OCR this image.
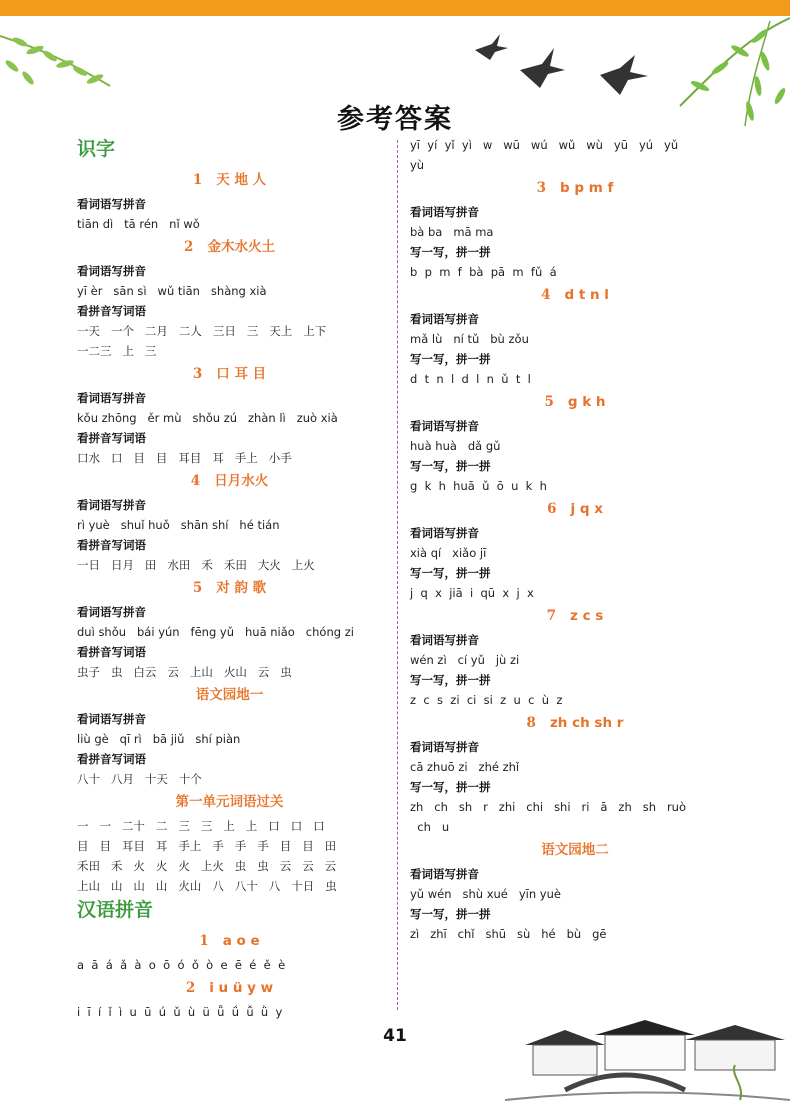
参考答案
识字
1 天 地 人
看词语写拼音
tiān dì   tā rén   nǐ wǒ
2 金木水火土
看词语写拼音
yī èr   sān sì   wǔ tiān   shàng xià
看拼音写词语
一天   一个   二月   二人   三日   三   天上   上下
一二三   上   三
3 口 耳 目
看词语写拼音
kǒu zhōng   ěr mù   shǒu zú   zhàn lì   zuò xià
看拼音写词语
口水   口   目   目   耳目   耳   手上   小手
4 日月水火
看词语写拼音
rì yuè   shuǐ huǒ   shān shí   hé tián
看拼音写词语
一日   日月   田   水田   禾   禾田   大火   上火
5 对 韵 歌
看词语写拼音
duì shǒu   bái yún   fēng yǔ   huā niǎo   chóng zi
看拼音写词语
虫子   虫   白云   云   上山   火山   云   虫
语文园地一
看词语写拼音
liù gè   qī rì   bā jiǔ   shí piàn
看拼音写词语
八十   八月   十天   十个
第一单元词语过关
一   一   二十   二   三   三   上   上   口   口   口
目   目   耳目   耳   手上   手   手   手   目   目   田
禾田   禾   火   火   火   上火   虫   虫   云   云   云
上山   山   山   山   火山   八   八十   八   十日   虫
汉语拼音
1 a o e
a  ā  á  ǎ  à  o  ō  ó  ǒ  ò  e  ē  é  ě  è
2 i u ü y w
i  ī  í  ǐ  ì  u  ū  ú  ǔ  ù  ü  ǖ  ǘ  ǚ  ǜ  y
yī  yí  yǐ  yì   w   wū   wú   wǔ   wù   yū   yú   yǔ
yù
3 b p m f
看词语写拼音
bà ba   mā ma
写一写，拼一拼
b  p  m  f  bà  pā  m  fǔ  á
4 d t n l
看词语写拼音
mǎ lù   ní tǔ   bù zǒu
写一写，拼一拼
d  t  n  l  d  l  n  ǔ  t  l
5 g k h
看词语写拼音
huà huà   dǎ gǔ
写一写，拼一拼
g  k  h  huā  ǔ  ō  u  k  h
6 j q x
看词语写拼音
xià qí   xiǎo jī
写一写，拼一拼
j  q  x  jiā  i  qū  x  j  x
7 z c s
看词语写拼音
wén zì   cí yǔ   jù zi
写一写，拼一拼
z  c  s  zi  ci  si  z  u  c  ù  z
8 zh ch sh r
看词语写拼音
cā zhuō zi   zhé zhǐ
写一写，拼一拼
zh   ch   sh   r   zhi   chi   shi   ri   ā   zh   sh   ruò
ch   u
语文园地二
看词语写拼音
yǔ wén   shù xué   yīn yuè
写一写，拼一拼
zì   zhī   chǐ   shū   sù   hé   bù   gē
41
